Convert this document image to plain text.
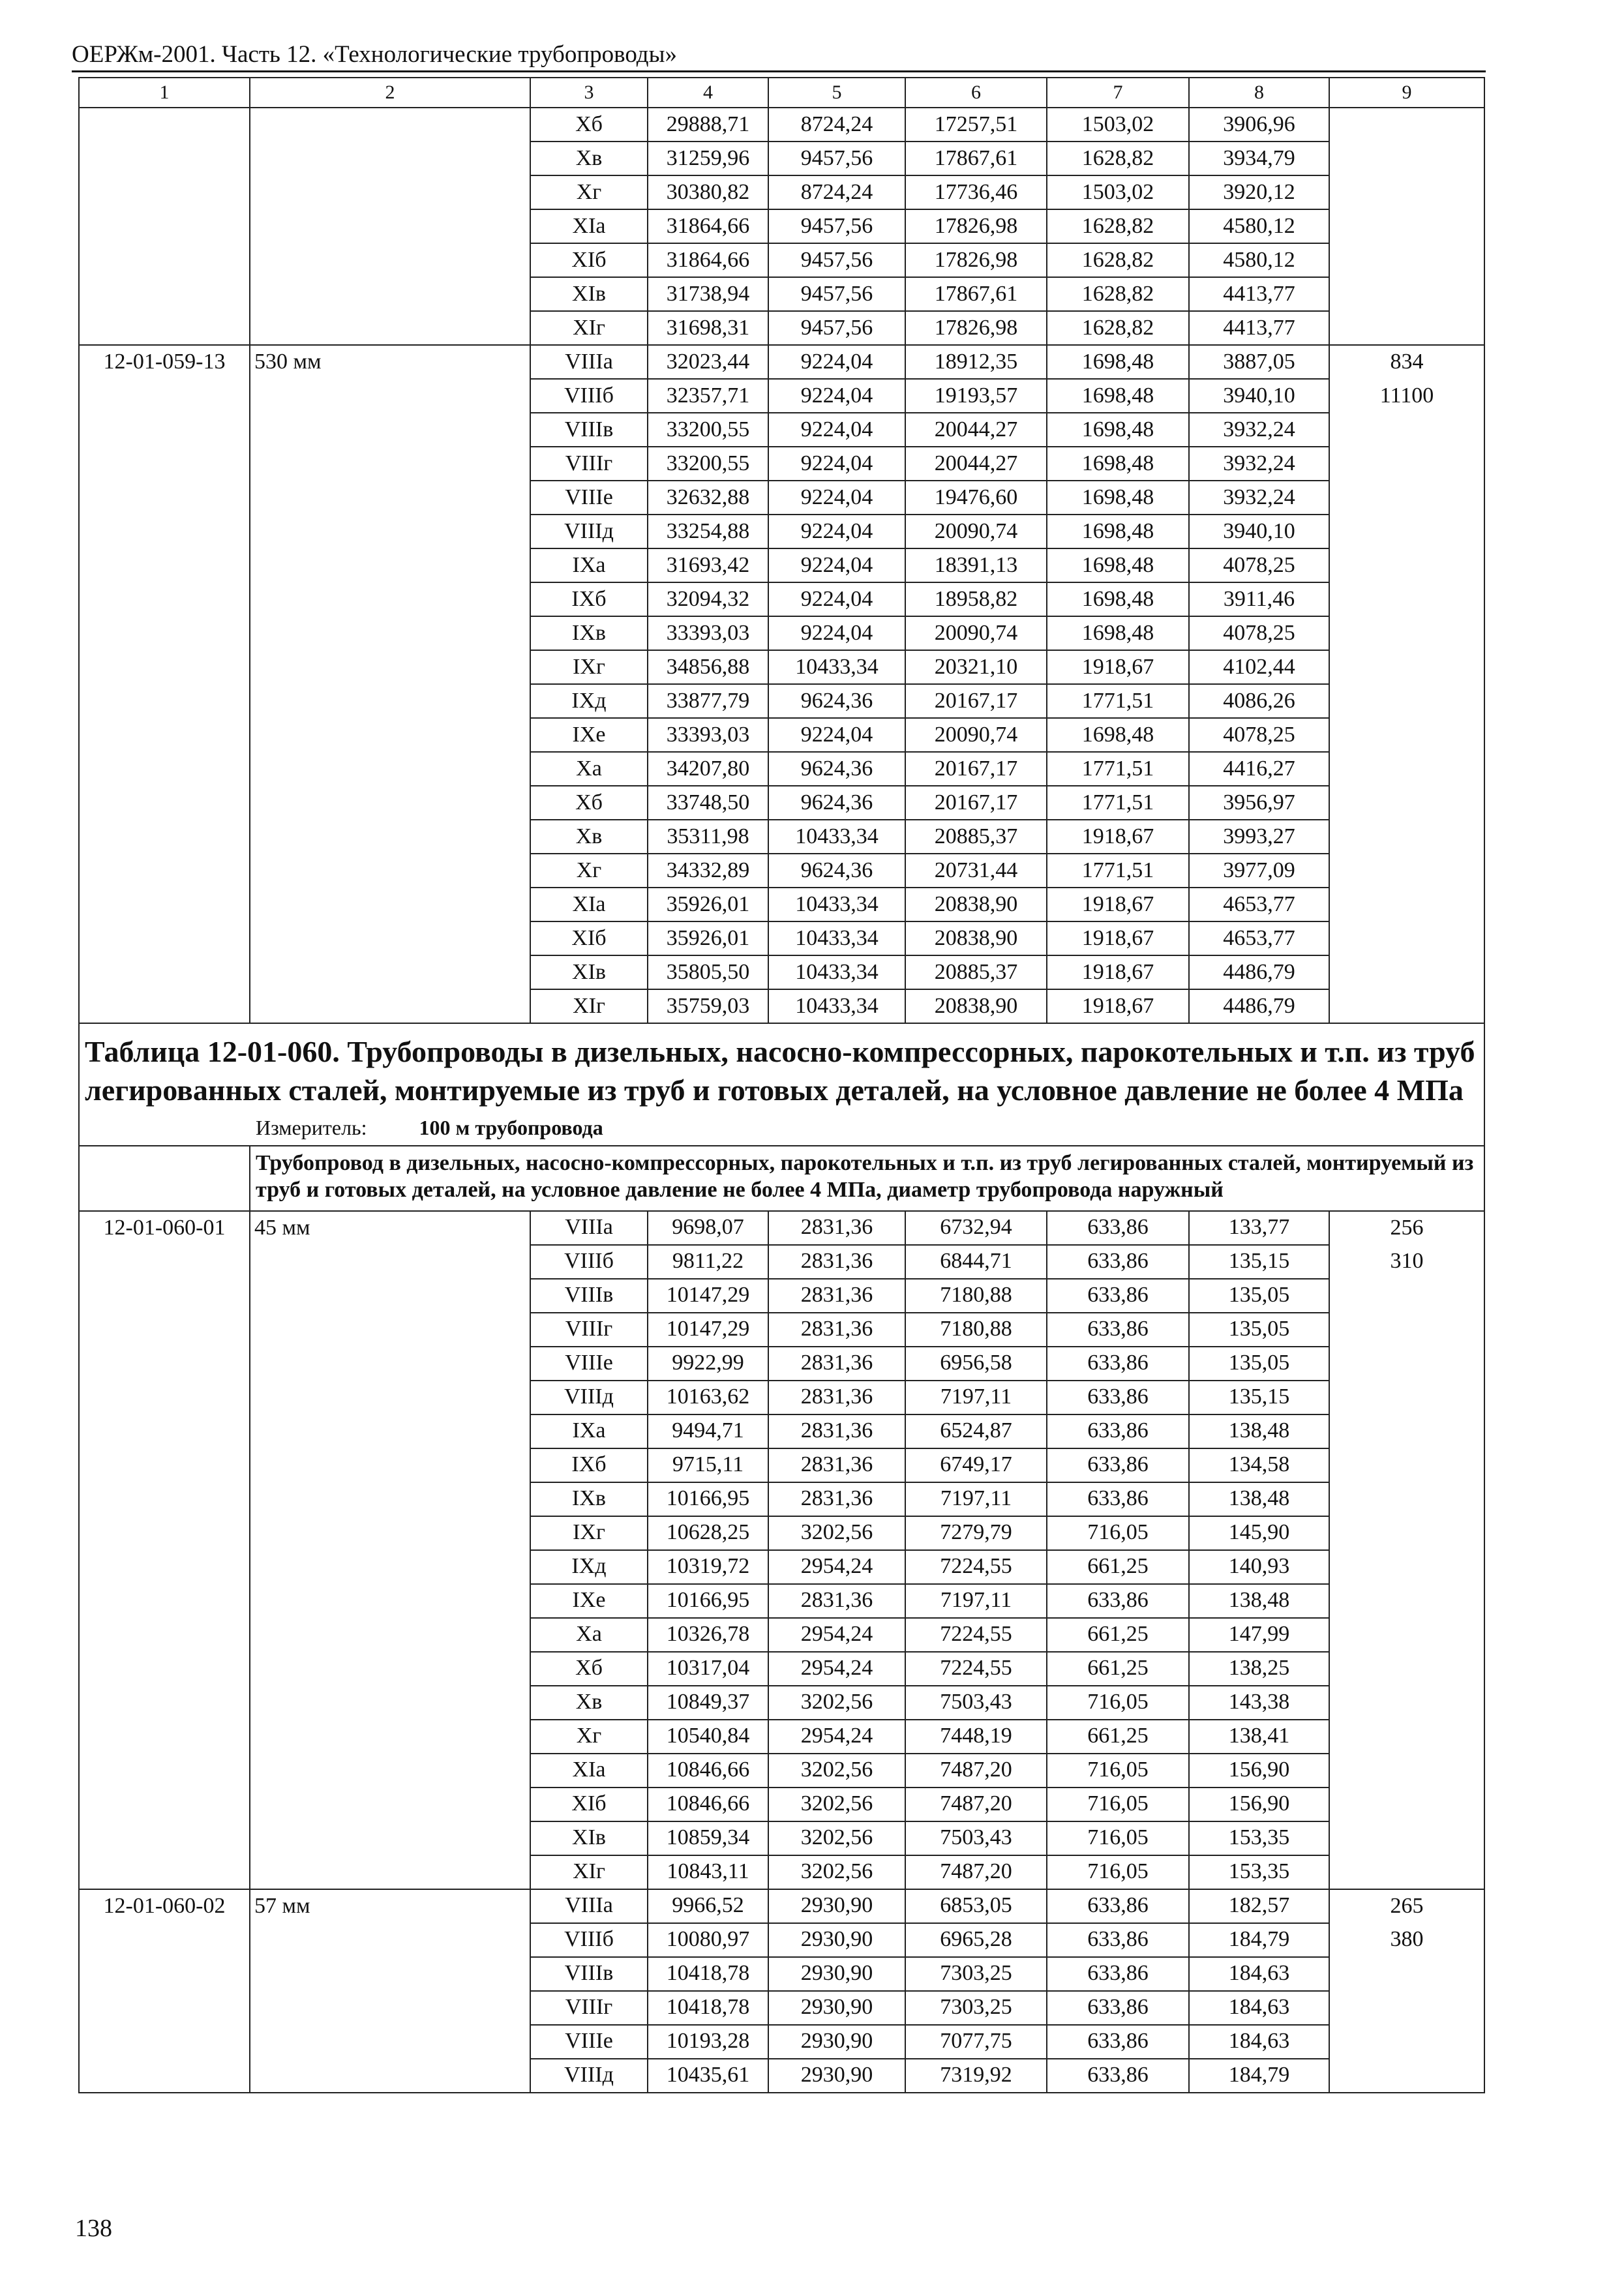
ОЕРЖм-2001. Часть 12. «Технологические трубопроводы»
1	2	3	4	5	6	7	8	9
		Хб	29888,71	8724,24	17257,51	1503,02	3906,96	
		Хв	31259,96	9457,56	17867,61	1628,82	3934,79	
		Хг	30380,82	8724,24	17736,46	1503,02	3920,12	
		ХIа	31864,66	9457,56	17826,98	1628,82	4580,12	
		ХIб	31864,66	9457,56	17826,98	1628,82	4580,12	
		ХIв	31738,94	9457,56	17867,61	1628,82	4413,77	
		ХIг	31698,31	9457,56	17826,98	1628,82	4413,77	
12-01-059-13	530 мм	VIIIа	32023,44	9224,04	18912,35	1698,48	3887,05	834
		VIIIб	32357,71	9224,04	19193,57	1698,48	3940,10	11100
		VIIIв	33200,55	9224,04	20044,27	1698,48	3932,24	
		VIIIг	33200,55	9224,04	20044,27	1698,48	3932,24	
		VIIIе	32632,88	9224,04	19476,60	1698,48	3932,24	
		VIIIд	33254,88	9224,04	20090,74	1698,48	3940,10	
		IХа	31693,42	9224,04	18391,13	1698,48	4078,25	
		IХб	32094,32	9224,04	18958,82	1698,48	3911,46	
		IХв	33393,03	9224,04	20090,74	1698,48	4078,25	
		IХг	34856,88	10433,34	20321,10	1918,67	4102,44	
		IХд	33877,79	9624,36	20167,17	1771,51	4086,26	
		IХе	33393,03	9224,04	20090,74	1698,48	4078,25	
		Ха	34207,80	9624,36	20167,17	1771,51	4416,27	
		Хб	33748,50	9624,36	20167,17	1771,51	3956,97	
		Хв	35311,98	10433,34	20885,37	1918,67	3993,27	
		Хг	34332,89	9624,36	20731,44	1771,51	3977,09	
		ХIа	35926,01	10433,34	20838,90	1918,67	4653,77	
		ХIб	35926,01	10433,34	20838,90	1918,67	4653,77	
		ХIв	35805,50	10433,34	20885,37	1918,67	4486,79	
		ХIг	35759,03	10433,34	20838,90	1918,67	4486,79	

Таблица 12-01-060. Трубопроводы в дизельных, насосно-компрессорных, парокотельных и т.п. из труб легированных сталей, монтируемые из труб и готовых деталей, на условное давление не более 4 МПа
Измеритель: 100 м трубопровода								

	Трубопровод в дизельных, насосно-компрессорных, парокотельных и т.п. из труб легированных сталей, монтируемый из труб и готовых деталей, на условное давление не более 4 МПа, диаметр трубопровода наружный							
12-01-060-01	45 мм	VIIIа	9698,07	2831,36	6732,94	633,86	133,77	256
		VIIIб	9811,22	2831,36	6844,71	633,86	135,15	310
		VIIIв	10147,29	2831,36	7180,88	633,86	135,05	
		VIIIг	10147,29	2831,36	7180,88	633,86	135,05	
		VIIIе	9922,99	2831,36	6956,58	633,86	135,05	
		VIIIд	10163,62	2831,36	7197,11	633,86	135,15	
		IХа	9494,71	2831,36	6524,87	633,86	138,48	
		IХб	9715,11	2831,36	6749,17	633,86	134,58	
		IХв	10166,95	2831,36	7197,11	633,86	138,48	
		IХг	10628,25	3202,56	7279,79	716,05	145,90	
		IХд	10319,72	2954,24	7224,55	661,25	140,93	
		IХе	10166,95	2831,36	7197,11	633,86	138,48	
		Ха	10326,78	2954,24	7224,55	661,25	147,99	
		Хб	10317,04	2954,24	7224,55	661,25	138,25	
		Хв	10849,37	3202,56	7503,43	716,05	143,38	
		Хг	10540,84	2954,24	7448,19	661,25	138,41	
		ХIа	10846,66	3202,56	7487,20	716,05	156,90	
		ХIб	10846,66	3202,56	7487,20	716,05	156,90	
		ХIв	10859,34	3202,56	7503,43	716,05	153,35	
		ХIг	10843,11	3202,56	7487,20	716,05	153,35	
12-01-060-02	57 мм	VIIIа	9966,52	2930,90	6853,05	633,86	182,57	265
		VIIIб	10080,97	2930,90	6965,28	633,86	184,79	380
		VIIIв	10418,78	2930,90	7303,25	633,86	184,63	
		VIIIг	10418,78	2930,90	7303,25	633,86	184,63	
		VIIIе	10193,28	2930,90	7077,75	633,86	184,63	
		VIIIд	10435,61	2930,90	7319,92	633,86	184,79	
138
